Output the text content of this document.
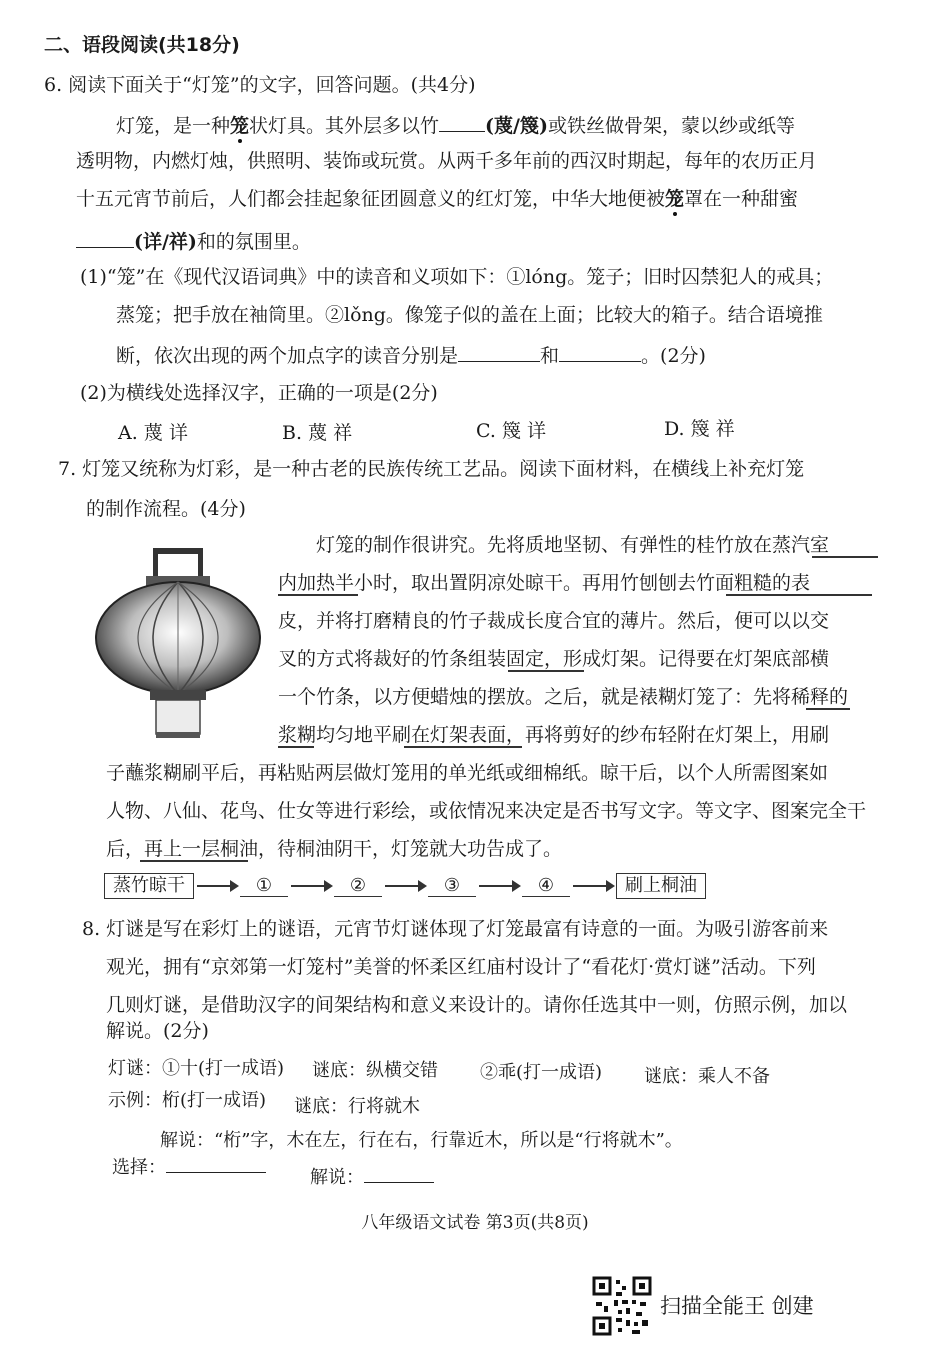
二、语段阅读(共18分)
6. 阅读下面关于“灯笼”的文字，回答问题。(共4分)
灯笼，是一种笼状灯具。其外层多以竹 (蔑/篾)或铁丝做骨架，蒙以纱或纸等
透明物，内燃灯烛，供照明、装饰或玩赏。从两千多年前的西汉时期起，每年的农历正月
十五元宵节前后，人们都会挂起象征团圆意义的红灯笼，中华大地便被笼罩在一种甜蜜
(详/祥)和的氛围里。
(1)“笼”在《现代汉语词典》中的读音和义项如下：①lóng。笼子；旧时囚禁犯人的戒具；
蒸笼；把手放在袖筒里。②lǒng。像笼子似的盖在上面；比较大的箱子。结合语境推
断，依次出现的两个加点字的读音分别是	和	。(2分)
(2)为横线处选择汉字，正确的一项是(2分)
A. 蔑 详	B. 蔑 祥	C. 篾 详	D. 篾 祥
7. 灯笼又统称为灯彩，是一种古老的民族传统工艺品。阅读下面材料，在横线上补充灯笼
的制作流程。(4分)
灯笼的制作很讲究。先将质地坚韧、有弹性的桂竹放在蒸汽室
内加热半小时，取出置阴凉处晾干。再用竹刨刨去竹面粗糙的表
皮，并将打磨精良的竹子裁成长度合宜的薄片。然后，便可以以交
叉的方式将裁好的竹条组装固定，形成灯架。记得要在灯架底部横
一个竹条，以方便蜡烛的摆放。之后，就是裱糊灯笼了：先将稀释的
浆糊均匀地平刷在灯架表面，再将剪好的纱布轻附在灯架上，用刷
子蘸浆糊刷平后，再粘贴两层做灯笼用的单光纸或细棉纸。晾干后，以个人所需图案如
人物、八仙、花鸟、仕女等进行彩绘，或依情况来决定是否书写文字。等文字、图案完全干
后，再上一层桐油，待桐油阴干，灯笼就大功告成了。
蒸竹晾干	①	②	③	④	刷上桐油
8. 灯谜是写在彩灯上的谜语，元宵节灯谜体现了灯笼最富有诗意的一面。为吸引游客前来
观光，拥有“京郊第一灯笼村”美誉的怀柔区红庙村设计了“看花灯·赏灯谜”活动。下列
几则灯谜，是借助汉字的间架结构和意义来设计的。请你任选其中一则，仿照示例，加以
解说。(2分)
灯谜：①十(打一成语) 谜底：纵横交错 ②乖(打一成语) 谜底：乘人不备
示例：桁(打一成语) 谜底：行将就木
解说：“桁”字，木在左，行在右，行靠近木，所以是“行将就木”。
选择：	解说：
八年级语文试卷 第3页(共8页)
扫描全能王 创建
